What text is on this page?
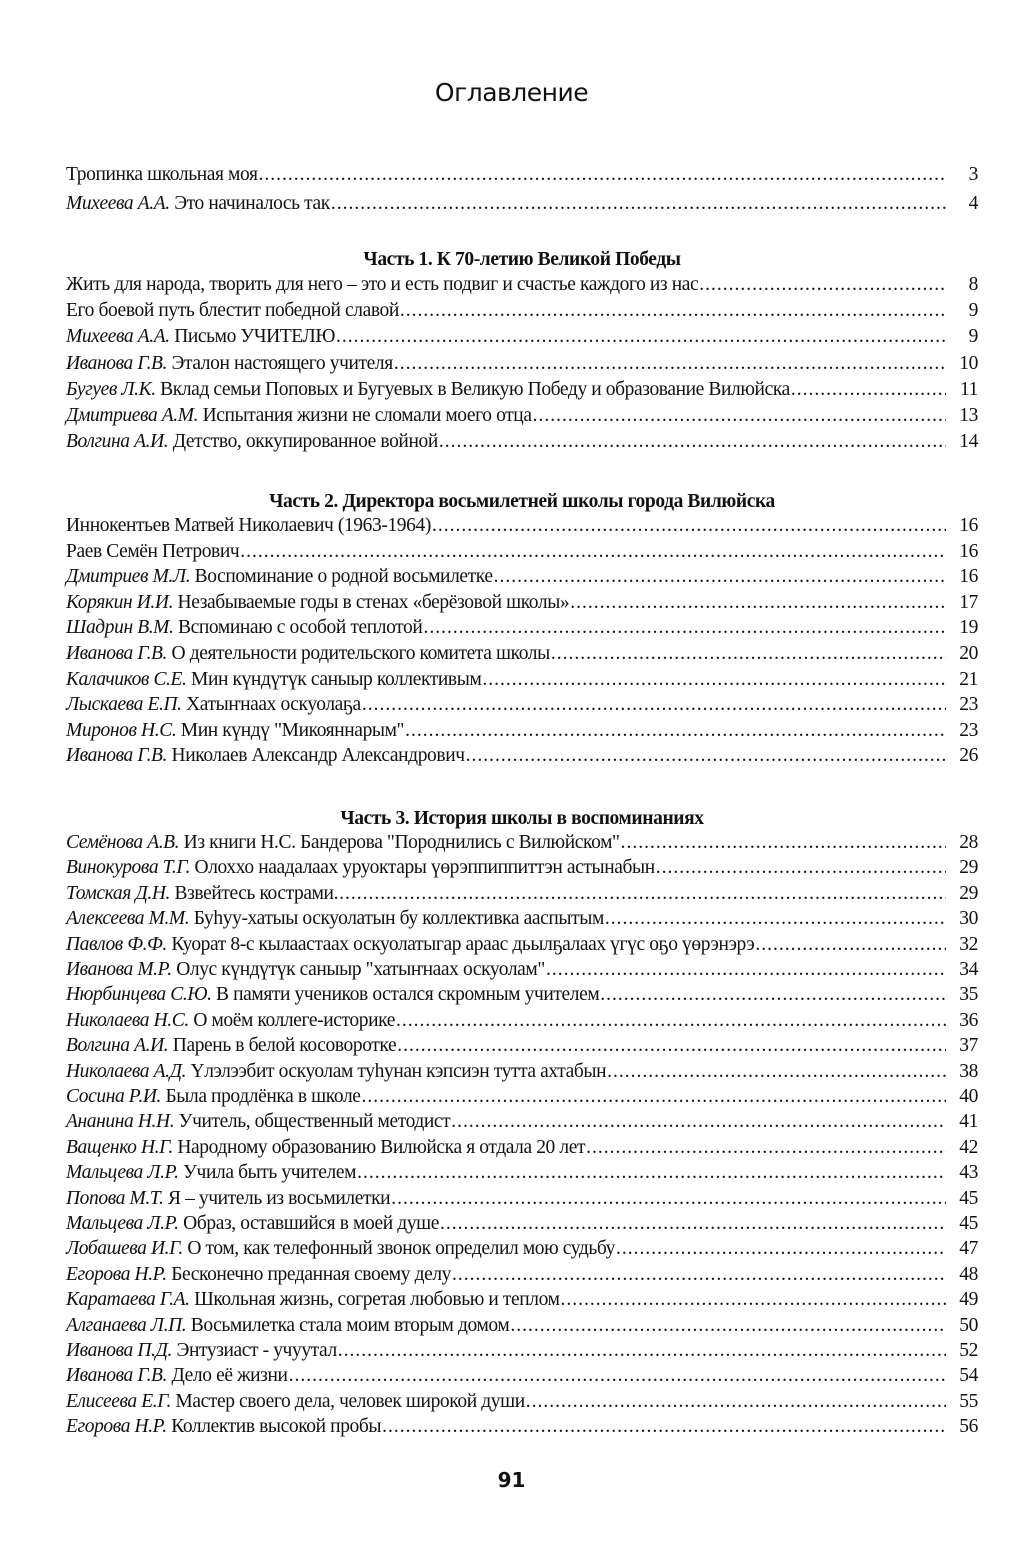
Оглавление
Тропинка школьная моя .....	3
Михеева А.А. Это начиналось так .....	4
Часть 1. К 70-летию Великой Победы
Жить для народа, творить для него – это и есть подвиг и счастье каждого из нас .....	8
Его боевой путь блестит победной славой .....	9
Михеева А.А. Письмо УЧИТЕЛЮ .....	9
Иванова Г.В. Эталон настоящего учителя .....	10
Бугуев Л.К. Вклад семьи Поповых и Бугуевых в Великую Победу и образование Вилюйска .....	11
Дмитриева А.М. Испытания жизни не сломали моего отца .....	13
Волгина А.И. Детство, оккупированное войной .....	14
Часть 2. Директора восьмилетней школы города Вилюйска
Иннокентьев Матвей Николаевич (1963-1964) .....	16
Раев Семён Петрович .....	16
Дмитриев М.Л. Воспоминание о родной восьмилетке .....	16
Корякин И.И. Незабываемые годы в стенах «берёзовой школы» .....	17
Шадрин В.М. Вспоминаю с особой теплотой .....	19
Иванова Г.В. О деятельности родительского комитета школы .....	20
Калачиков С.Е. Мин күндүтүк саныыр коллективым .....	21
Лыскаева Е.П. Хатыҥнаах оскуолаҕа .....	23
Миронов Н.С. Мин күндү "Микояннарым" .....	23
Иванова Г.В. Николаев Александр Александрович .....	26
Часть 3. История школы в воспоминаниях
Семёнова А.В. Из книги Н.С. Бандерова "Породнились с Вилюйском" .....	28
Винокурова Т.Г. Олоххо наадалаах уруоктары үөрэппиппиттэн астынабын .....	29
Томская Д.Н. Взвейтесь кострами. .....	29
Алексеева М.М. Буһуу-хатыы оскуолатын бу коллективка ааспытым .....	30
Павлов Ф.Ф. Куорат 8-с кылаастаах оскуолатыгар араас дьылҕалаах үгүс оҕо үөрэнэрэ .....	32
Иванова М.Р. Олус күндүтүк саныыр "хатыҥнаах оскуолам" .....	34
Нюрбинцева С.Ю. В памяти учеников остался скромным учителем .....	35
Николаева Н.С. О моём коллеге-историке .....	36
Волгина А.И. Парень в белой косоворотке .....	37
Николаева А.Д. Үлэлээбит оскуолам туһунан кэпсиэн тутта ахтабын .....	38
Сосина Р.И. Была продлёнка в школе .....	40
Ананина Н.Н. Учитель, общественный методист .....	41
Ващенко Н.Г. Народному образованию Вилюйска я отдала 20 лет .....	42
Мальцева Л.Р. Учила быть учителем .....	43
Попова М.Т. Я – учитель из восьмилетки .....	45
Мальцева Л.Р. Образ, оставшийся в моей душе .....	45
Лобашева И.Г. О том, как телефонный звонок определил мою судьбу .....	47
Егорова Н.Р. Бесконечно преданная своему делу .....	48
Каратаева Г.А. Школьная жизнь, согретая любовью и теплом .....	49
Алганаева Л.П. Восьмилетка стала моим вторым домом .....	50
Иванова П.Д. Энтузиаст - учуутал .....	52
Иванова Г.В. Дело её жизни .....	54
Елисеева Е.Г. Мастер своего дела, человек широкой души .....	55
Егорова Н.Р. Коллектив высокой пробы .....	56
91
